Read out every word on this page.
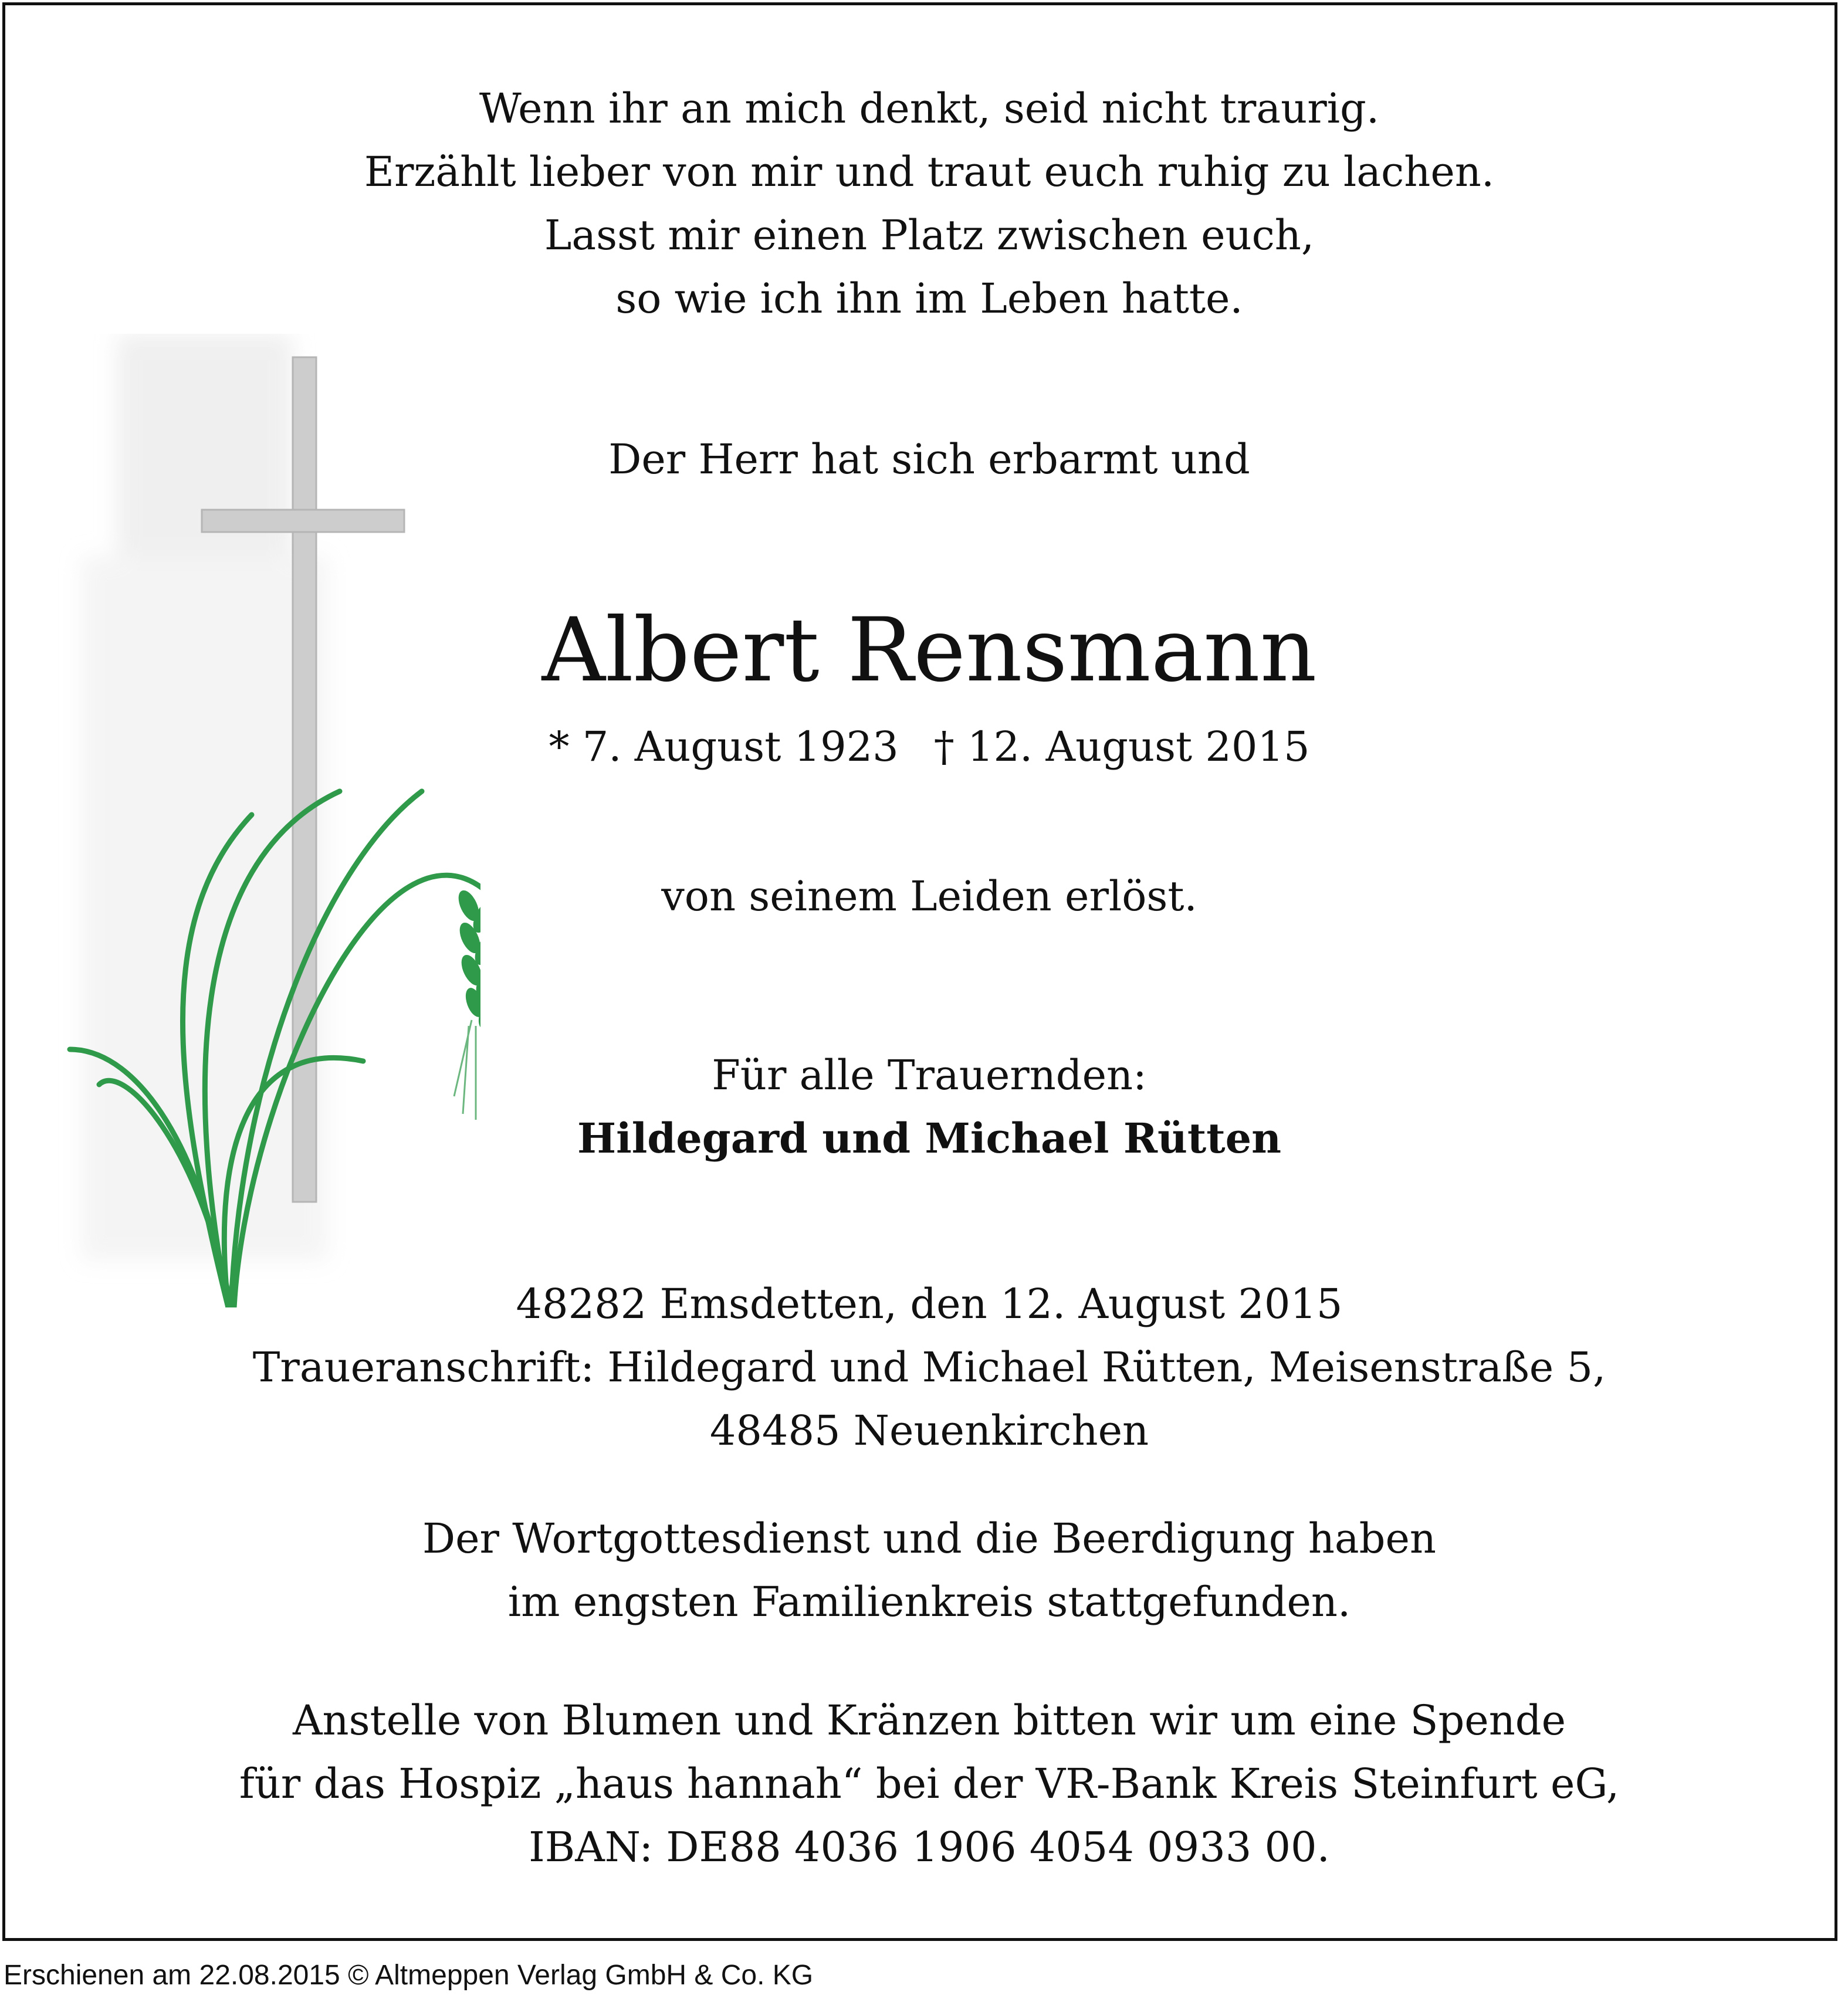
Wenn ihr an mich denkt, seid nicht traurig.
Erzählt lieber von mir und traut euch ruhig zu lachen.
Lasst mir einen Platz zwischen euch,
so wie ich ihn im Leben hatte.
Der Herr hat sich erbarmt und
Albert Rensmann
* 7. August 1923 † 12. August 2015
von seinem Leiden erlöst.
Für alle Trauernden:
Hildegard und Michael Rütten
48282 Emsdetten, den 12. August 2015
Traueranschrift: Hildegard und Michael Rütten, Meisenstraße 5,
48485 Neuenkirchen
Der Wortgottesdienst und die Beerdigung haben
im engsten Familienkreis stattgefunden.
Anstelle von Blumen und Kränzen bitten wir um eine Spende
für das Hospiz „haus hannah“ bei der VR-Bank Kreis Steinfurt eG,
IBAN: DE88 4036 1906 4054 0933 00.
Erschienen am 22.08.2015 © Altmeppen Verlag GmbH & Co. KG
